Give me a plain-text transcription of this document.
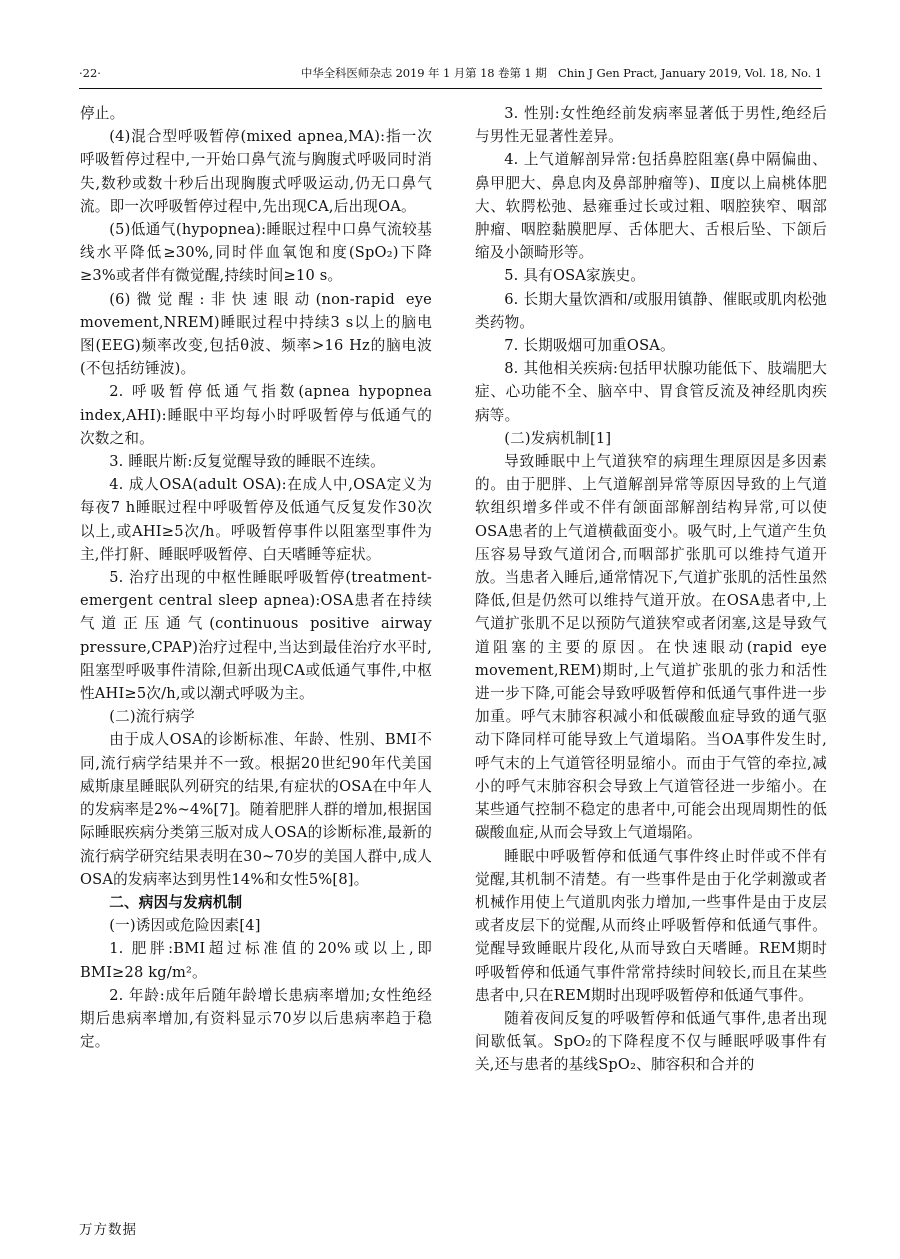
·22·	中华全科医师杂志 2019 年 1 月第 18 卷第 1 期　Chin J Gen Pract, January 2019, Vol. 18, No. 1

停止。

(4)混合型呼吸暂停(mixed apnea,MA):指一次呼吸暂停过程中,一开始口鼻气流与胸腹式呼吸同时消失,数秒或数十秒后出现胸腹式呼吸运动,仍无口鼻气流。即一次呼吸暂停过程中,先出现CA,后出现OA。

(5)低通气(hypopnea):睡眠过程中口鼻气流较基线水平降低≥30%,同时伴血氧饱和度(SpO₂)下降≥3%或者伴有微觉醒,持续时间≥10 s。

(6)微觉醒:非快速眼动(non-rapid eye movement,NREM)睡眠过程中持续3 s以上的脑电图(EEG)频率改变,包括θ波、频率>16 Hz的脑电波(不包括纺锤波)。

2. 呼吸暂停低通气指数(apnea hypopnea index,AHI):睡眠中平均每小时呼吸暂停与低通气的次数之和。

3. 睡眠片断:反复觉醒导致的睡眠不连续。

4. 成人OSA(adult OSA):在成人中,OSA定义为每夜7 h睡眠过程中呼吸暂停及低通气反复发作30次以上,或AHI≥5次/h。呼吸暂停事件以阻塞型事件为主,伴打鼾、睡眠呼吸暂停、白天嗜睡等症状。

5. 治疗出现的中枢性睡眠呼吸暂停(treatment-emergent central sleep apnea):OSA患者在持续气道正压通气(continuous positive airway pressure,CPAP)治疗过程中,当达到最佳治疗水平时,阻塞型呼吸事件清除,但新出现CA或低通气事件,中枢性AHI≥5次/h,或以潮式呼吸为主。

(二)流行病学

由于成人OSA的诊断标准、年龄、性别、BMI不同,流行病学结果并不一致。根据20世纪90年代美国威斯康星睡眠队列研究的结果,有症状的OSA在中年人的发病率是2%~4%[7]。随着肥胖人群的增加,根据国际睡眠疾病分类第三版对成人OSA的诊断标准,最新的流行病学研究结果表明在30~70岁的美国人群中,成人OSA的发病率达到男性14%和女性5%[8]。

二、病因与发病机制

(一)诱因或危险因素[4]

1. 肥胖:BMI超过标准值的20%或以上,即BMI≥28 kg/m²。

2. 年龄:成年后随年龄增长患病率增加;女性绝经期后患病率增加,有资料显示70岁以后患病率趋于稳定。

3. 性别:女性绝经前发病率显著低于男性,绝经后与男性无显著性差异。

4. 上气道解剖异常:包括鼻腔阻塞(鼻中隔偏曲、鼻甲肥大、鼻息肉及鼻部肿瘤等)、Ⅱ度以上扁桃体肥大、软腭松弛、悬雍垂过长或过粗、咽腔狭窄、咽部肿瘤、咽腔黏膜肥厚、舌体肥大、舌根后坠、下颌后缩及小颌畸形等。

5. 具有OSA家族史。

6. 长期大量饮酒和/或服用镇静、催眠或肌肉松弛类药物。

7. 长期吸烟可加重OSA。

8. 其他相关疾病:包括甲状腺功能低下、肢端肥大症、心功能不全、脑卒中、胃食管反流及神经肌肉疾病等。

(二)发病机制[1]

导致睡眠中上气道狭窄的病理生理原因是多因素的。由于肥胖、上气道解剖异常等原因导致的上气道软组织增多伴或不伴有颌面部解剖结构异常,可以使OSA患者的上气道横截面变小。吸气时,上气道产生负压容易导致气道闭合,而咽部扩张肌可以维持气道开放。当患者入睡后,通常情况下,气道扩张肌的活性虽然降低,但是仍然可以维持气道开放。在OSA患者中,上气道扩张肌不足以预防气道狭窄或者闭塞,这是导致气道阻塞的主要的原因。在快速眼动(rapid eye movement,REM)期时,上气道扩张肌的张力和活性进一步下降,可能会导致呼吸暂停和低通气事件进一步加重。呼气末肺容积减小和低碳酸血症导致的通气驱动下降同样可能导致上气道塌陷。当OA事件发生时,呼气末的上气道管径明显缩小。而由于气管的牵拉,减小的呼气末肺容积会导致上气道管径进一步缩小。在某些通气控制不稳定的患者中,可能会出现周期性的低碳酸血症,从而会导致上气道塌陷。

睡眠中呼吸暂停和低通气事件终止时伴或不伴有觉醒,其机制不清楚。有一些事件是由于化学刺激或者机械作用使上气道肌肉张力增加,一些事件是由于皮层或者皮层下的觉醒,从而终止呼吸暂停和低通气事件。觉醒导致睡眠片段化,从而导致白天嗜睡。REM期时呼吸暂停和低通气事件常常持续时间较长,而且在某些患者中,只在REM期时出现呼吸暂停和低通气事件。

随着夜间反复的呼吸暂停和低通气事件,患者出现间歇低氧。SpO₂的下降程度不仅与睡眠呼吸事件有关,还与患者的基线SpO₂、肺容积和合并的

万方数据
